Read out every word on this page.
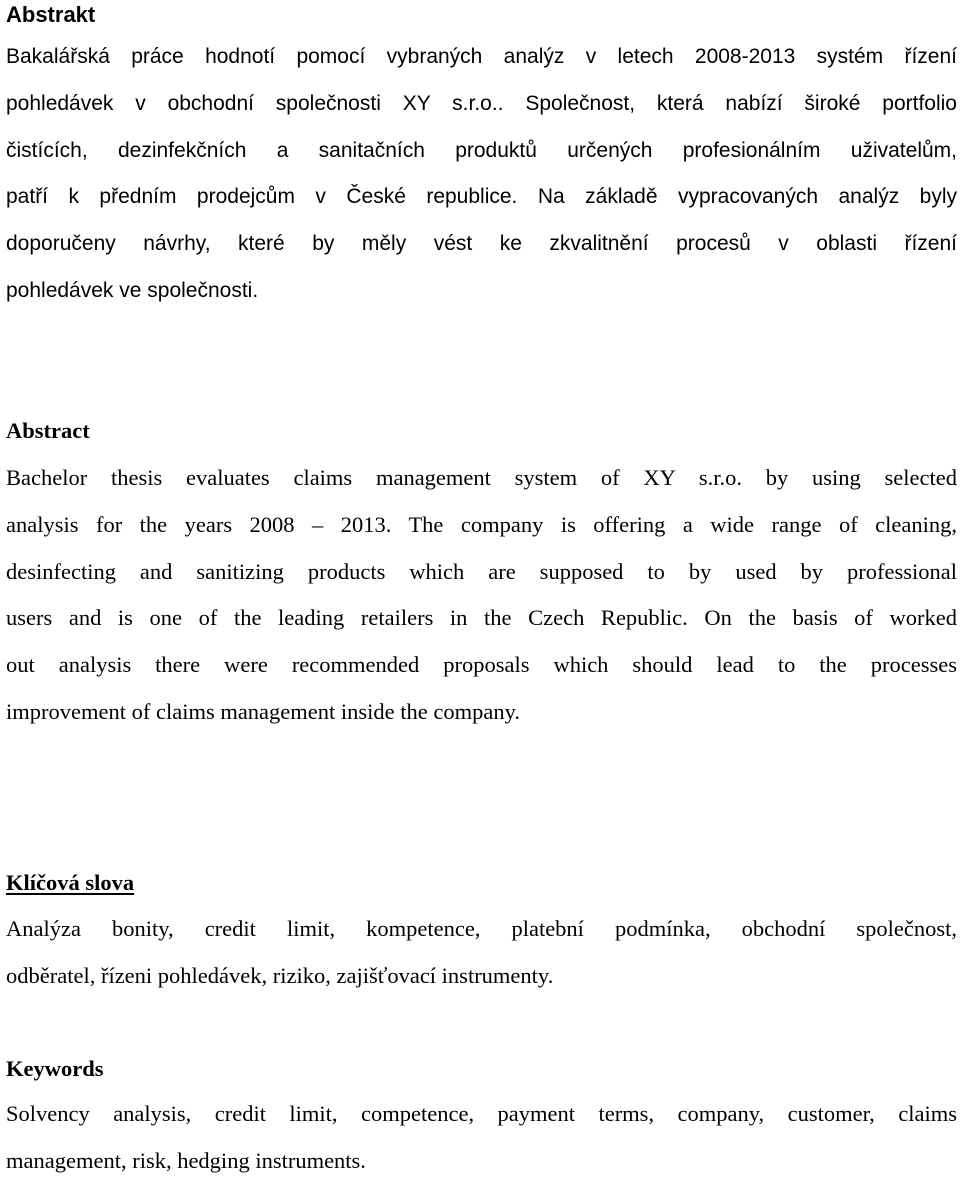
Abstrakt
Bakalářská práce hodnotí pomocí vybraných analýz v letech 2008-2013 systém řízení
pohledávek v obchodní společnosti XY s.r.o.. Společnost, která nabízí široké portfolio
čistících, dezinfekčních a sanitačních produktů určených profesionálním uživatelům,
patří k předním prodejcům v České republice. Na základě vypracovaných analýz byly
doporučeny návrhy, které by měly vést ke zkvalitnění procesů v oblasti řízení
pohledávek ve společnosti.
Abstract
Bachelor thesis evaluates claims management system of XY s.r.o. by using selected
analysis for the years 2008 – 2013. The company is offering a wide range of cleaning,
desinfecting and sanitizing products which are supposed to by used by professional
users and is one of the leading retailers in the Czech Republic. On the basis of worked
out analysis there were recommended proposals which should lead to the processes
improvement of claims management inside the company.
Klíčová slova
Analýza bonity, credit limit, kompetence, platební podmínka, obchodní společnost,
odběratel, řízeni pohledávek, riziko, zajišťovací instrumenty.
Keywords
Solvency analysis, credit limit, competence, payment terms, company, customer, claims
management, risk, hedging instruments.
